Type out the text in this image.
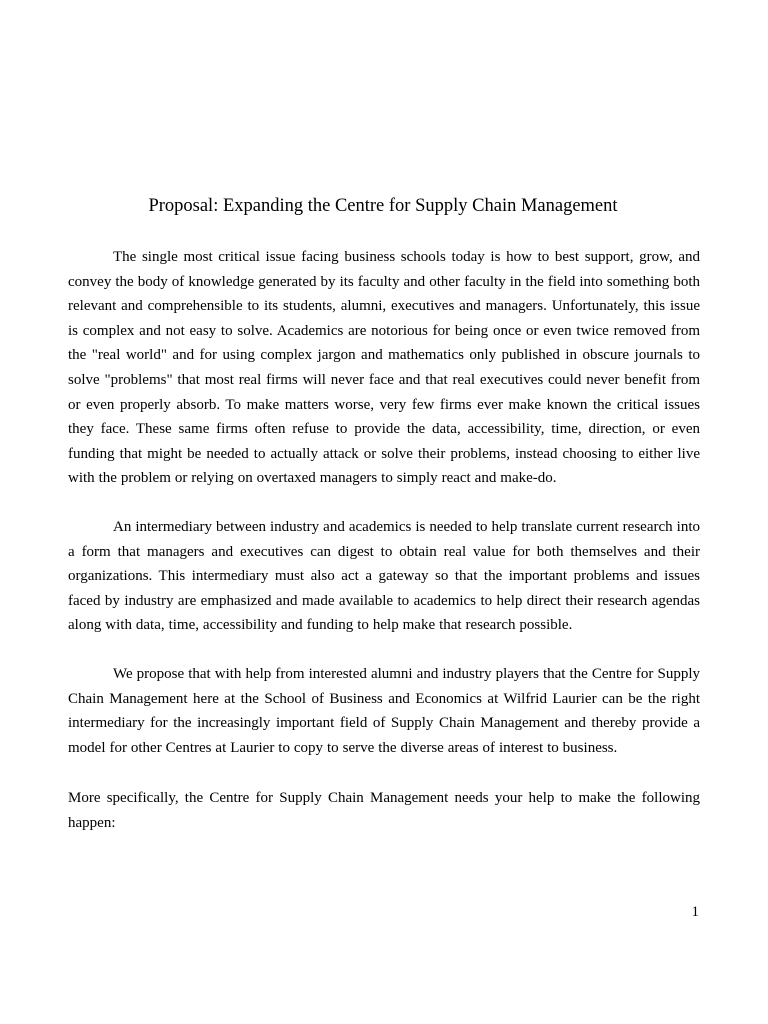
Proposal: Expanding the Centre for Supply Chain Management

The single most critical issue facing business schools today is how to best support, grow, and convey the body of knowledge generated by its faculty and other faculty in the field into something both relevant and comprehensible to its students, alumni, executives and managers. Unfortunately, this issue is complex and not easy to solve. Academics are notorious for being once or even twice removed from the "real world" and for using complex jargon and mathematics only published in obscure journals to solve "problems" that most real firms will never face and that real executives could never benefit from or even properly absorb. To make matters worse, very few firms ever make known the critical issues they face. These same firms often refuse to provide the data, accessibility, time, direction, or even funding that might be needed to actually attack or solve their problems, instead choosing to either live with the problem or relying on overtaxed managers to simply react and make-do.

An intermediary between industry and academics is needed to help translate current research into a form that managers and executives can digest to obtain real value for both themselves and their organizations. This intermediary must also act a gateway so that the important problems and issues faced by industry are emphasized and made available to academics to help direct their research agendas along with data, time, accessibility and funding to help make that research possible.

We propose that with help from interested alumni and industry players that the Centre for Supply Chain Management here at the School of Business and Economics at Wilfrid Laurier can be the right intermediary for the increasingly important field of Supply Chain Management and thereby provide a model for other Centres at Laurier to copy to serve the diverse areas of interest to business.

More specifically, the Centre for Supply Chain Management needs your help to make the following happen:

1
